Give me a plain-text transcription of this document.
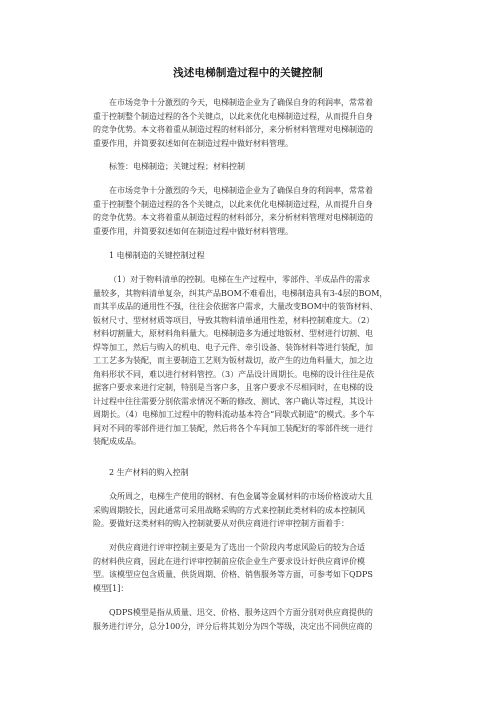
浅述电梯制造过程中的关键控制
在市场竞争十分激烈的今天，电梯制造企业为了确保自身的利润率，常常着
重于控制整个制造过程的各个关键点，以此来优化电梯制造过程，从而提升自身
的竞争优势。本文将着重从制造过程的材料部分，来分析材料管理对电梯制造的
重要作用，并简要叙述如何在制造过程中做好材料管理。
标签：电梯制造；关键过程；材料控制
在市场竞争十分激烈的今天，电梯制造企业为了确保自身的利润率，常常着
重于控制整个制造过程的各个关键点，以此来优化电梯制造过程，从而提升自身
的竞争优势。本文将着重从制造过程的材料部分，来分析材料管理对电梯制造的
重要作用，并简要叙述如何在制造过程中做好材料管理。
1 电梯制造的关键控制过程
（1）对于物料清单的控制。电梯在生产过程中，零部件、半成品件的需求
量较多，其物料清单复杂，纠其产品BOM不难看出，电梯制造具有3-4层的BOM，
而其半成品的通用性不强，往往会依据客户需求，大量改变BOM中的装饰材料、
钣材尺寸、型材材质等项目，导致其物料清单通用性差，材料控制难度大。（2）
材料切割量大，原材料角料量大。电梯制造多为通过地钣材、型材进行切割、电
焊等加工，然后与购入的机电、电子元件、牵引设备、装饰材料等进行装配，加
工工艺多为装配，而主要制造工艺则为钣材裁切，故产生的边角料量大，加之边
角料形状不同，难以进行材料管控。（3）产品设计周期长。电梯的设计往往是依
据客户要求来进行定制，特别是当客户多，且客户要求不尽相同时，在电梯的设
计过程中往往需要分别依需求情况不断的修改、测试、客户确认等过程，其设计
周期长。（4）电梯加工过程中的物料流动基本符合“同歇式制造”的模式。多个车
间对不同的零部件进行加工装配，然后将各个车间加工装配好的零部件统一进行
装配成成品。
2 生产材料的购入控制
众所周之，电梯生产使用的钢材、有色金属等金属材料的市场价格波动大且
采购周期较长，因此通常可采用战略采购的方式来控制此类材料的成本控制风
险。要做好这类材料的购入控制就要从对供应商进行评审控制方面着手：
对供应商进行评审控制主要是为了选出一个阶段内考虑风险后的较为合适
的材料供应商，因此在进行评审控制前应依企业生产要求设计好供应商评价模
型。该模型应包含质量、供货周期、价格、销售服务等方面，可参考如下QDPS
模型[1]：
QDPS模型是指从质量、迅交、价格、服务这四个方面分别对供应商提供的
服务进行评分，总分100分，评分后将其划分为四个等级，决定出不同供应商的
